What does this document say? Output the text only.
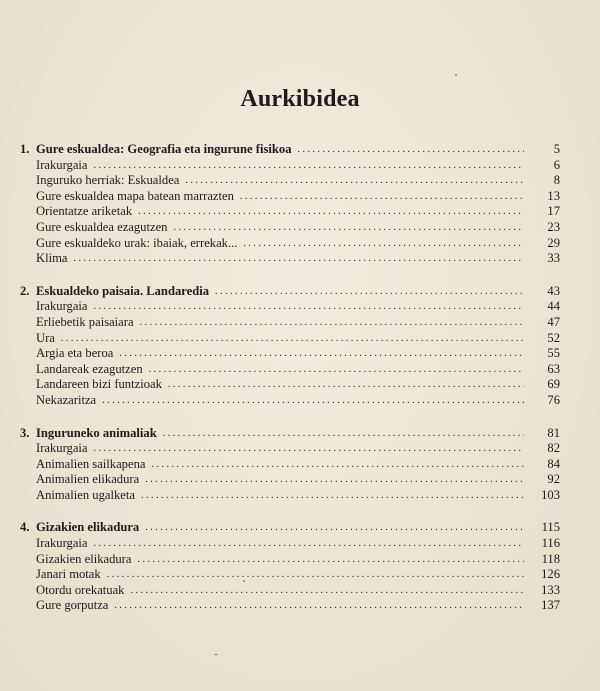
Aurkibidea
1. Gure eskualdea: Geografia eta ingurune fisikoa . . .	5
Irakurgaia . . .	6
Inguruko herriak: Eskualdea . . .	8
Gure eskualdea mapa batean marrazten . . .	13
Orientatze ariketak . . .	17
Gure eskualdea ezagutzen . . .	23
Gure eskualdeko urak: ibaiak, errekak... . . .	29
Klima . . .	33
2. Eskualdeko paisaia. Landaredia . . .	43
Irakurgaia . . .	44
Erliebetik paisaiara . . .	47
Ura . . .	52
Argia eta beroa . . .	55
Landareak ezagutzen . . .	63
Landareen bizi funtzioak . . .	69
Nekazaritza . . .	76
3. Inguruneko animaliak . . .	81
Irakurgaia . . .	82
Animalien sailkapena . . .	84
Animalien elikadura . . .	92
Animalien ugalketa . . .	103
4. Gizakien elikadura . . .	115
Irakurgaia . . .	116
Gizakien elikadura . . .	118
Janari motak . . .	126
Otordu orekatuak . . .	133
Gure gorputza . . .	137
